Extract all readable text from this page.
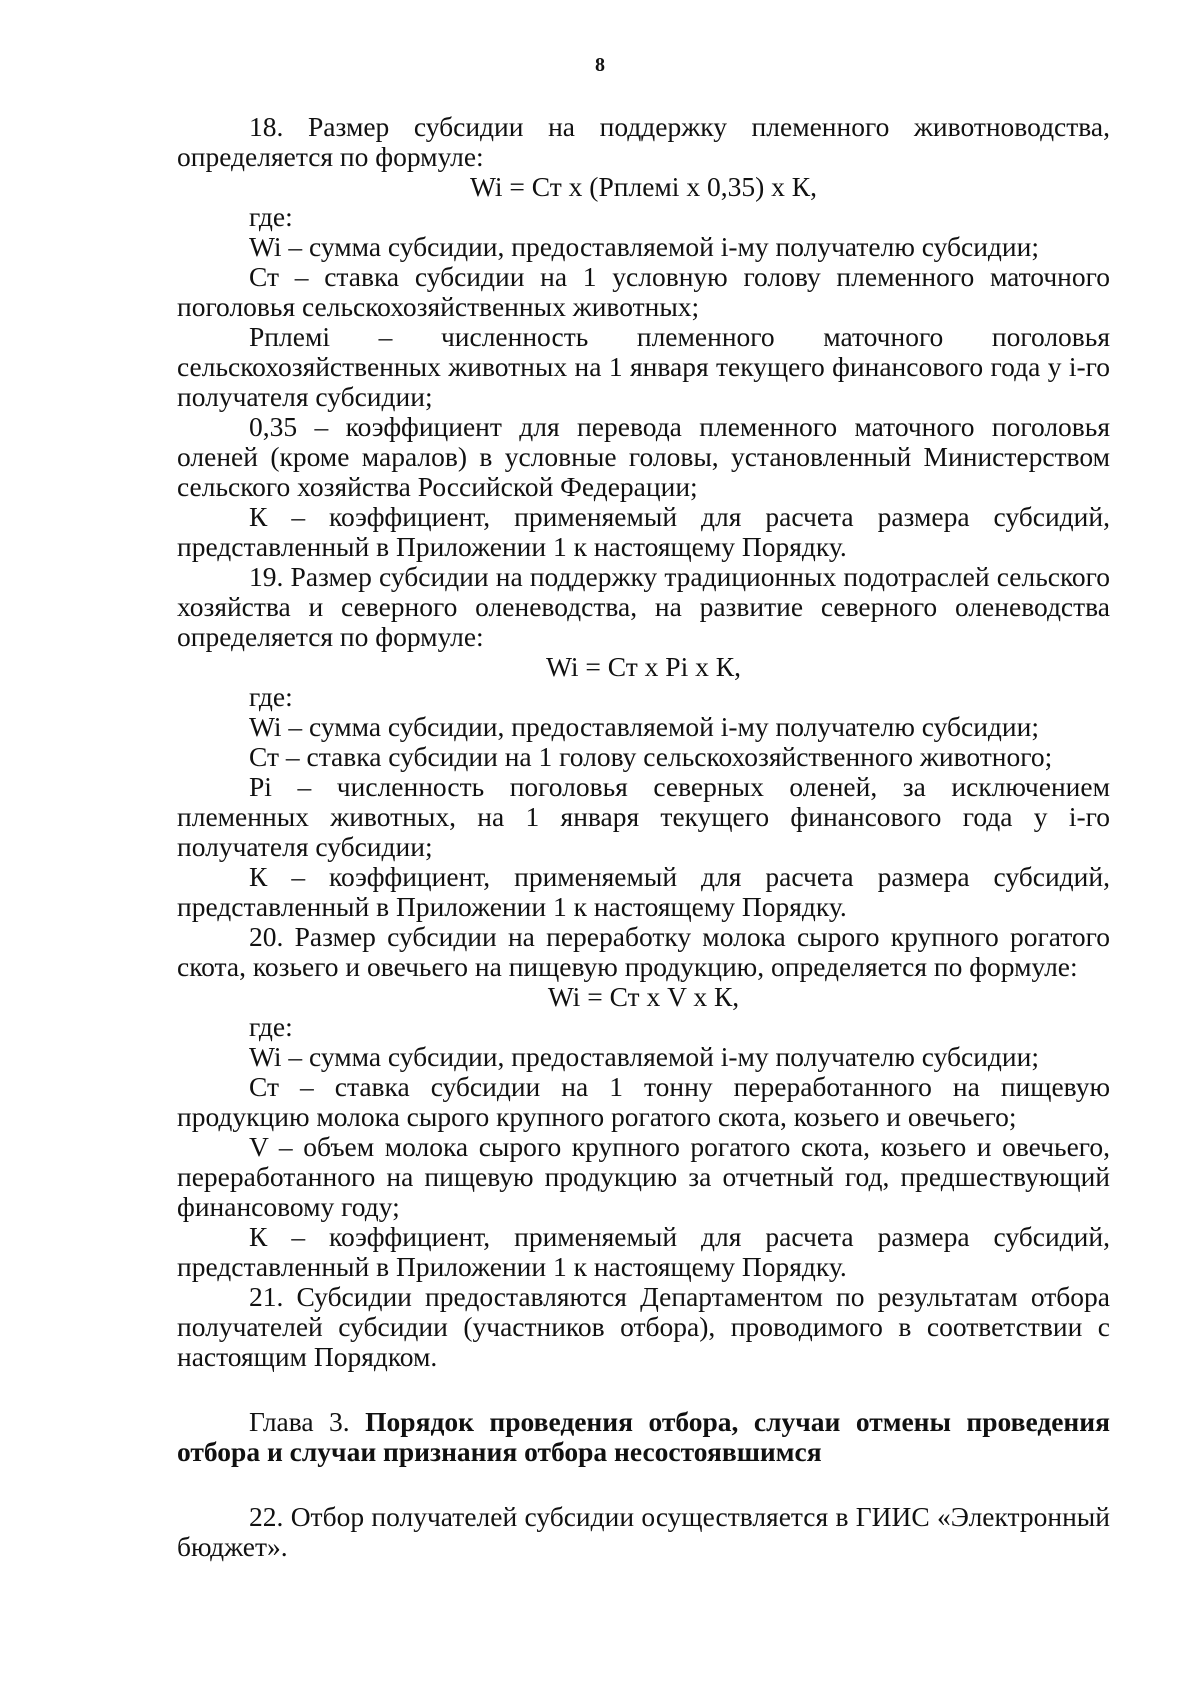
8

18. Размер субсидии на поддержку племенного животноводства, определяется по формуле:

Wi = Ст х (Рплемi х 0,35) х К,

где:

Wi – сумма субсидии, предоставляемой i-му получателю субсидии;

Ст – ставка субсидии на 1 условную голову племенного маточного поголовья сельскохозяйственных животных;

Рплемi – численность племенного маточного поголовья сельскохозяйственных животных на 1 января текущего финансового года у i-го получателя субсидии;

0,35 – коэффициент для перевода племенного маточного поголовья оленей (кроме маралов) в условные головы, установленный Министерством сельского хозяйства Российской Федерации;

К – коэффициент, применяемый для расчета размера субсидий, представленный в Приложении 1 к настоящему Порядку.

19. Размер субсидии на поддержку традиционных подотраслей сельского хозяйства и северного оленеводства, на развитие северного оленеводства определяется по формуле:

Wi = Ст х Рi х К,

где:

Wi – сумма субсидии, предоставляемой i-му получателю субсидии;

Ст – ставка субсидии на 1 голову сельскохозяйственного животного;

Рi – численность поголовья северных оленей, за исключением племенных животных, на 1 января текущего финансового года у i-го получателя субсидии;

К – коэффициент, применяемый для расчета размера субсидий, представленный в Приложении 1 к настоящему Порядку.

20. Размер субсидии на переработку молока сырого крупного рогатого скота, козьего и овечьего на пищевую продукцию, определяется по формуле:

Wi = Ст х V х К,

где:

Wi – сумма субсидии, предоставляемой i-му получателю субсидии;

Ст – ставка субсидии на 1 тонну переработанного на пищевую продукцию молока сырого крупного рогатого скота, козьего и овечьего;

V – объем молока сырого крупного рогатого скота, козьего и овечьего, переработанного на пищевую продукцию за отчетный год, предшествующий финансовому году;

К – коэффициент, применяемый для расчета размера субсидий, представленный в Приложении 1 к настоящему Порядку.

21. Субсидии предоставляются Департаментом по результатам отбора получателей субсидии (участников отбора), проводимого в соответствии с настоящим Порядком.

Глава 3. Порядок проведения отбора, случаи отмены проведения отбора и случаи признания отбора несостоявшимся

22. Отбор получателей субсидии осуществляется в ГИИС «Электронный бюджет».
